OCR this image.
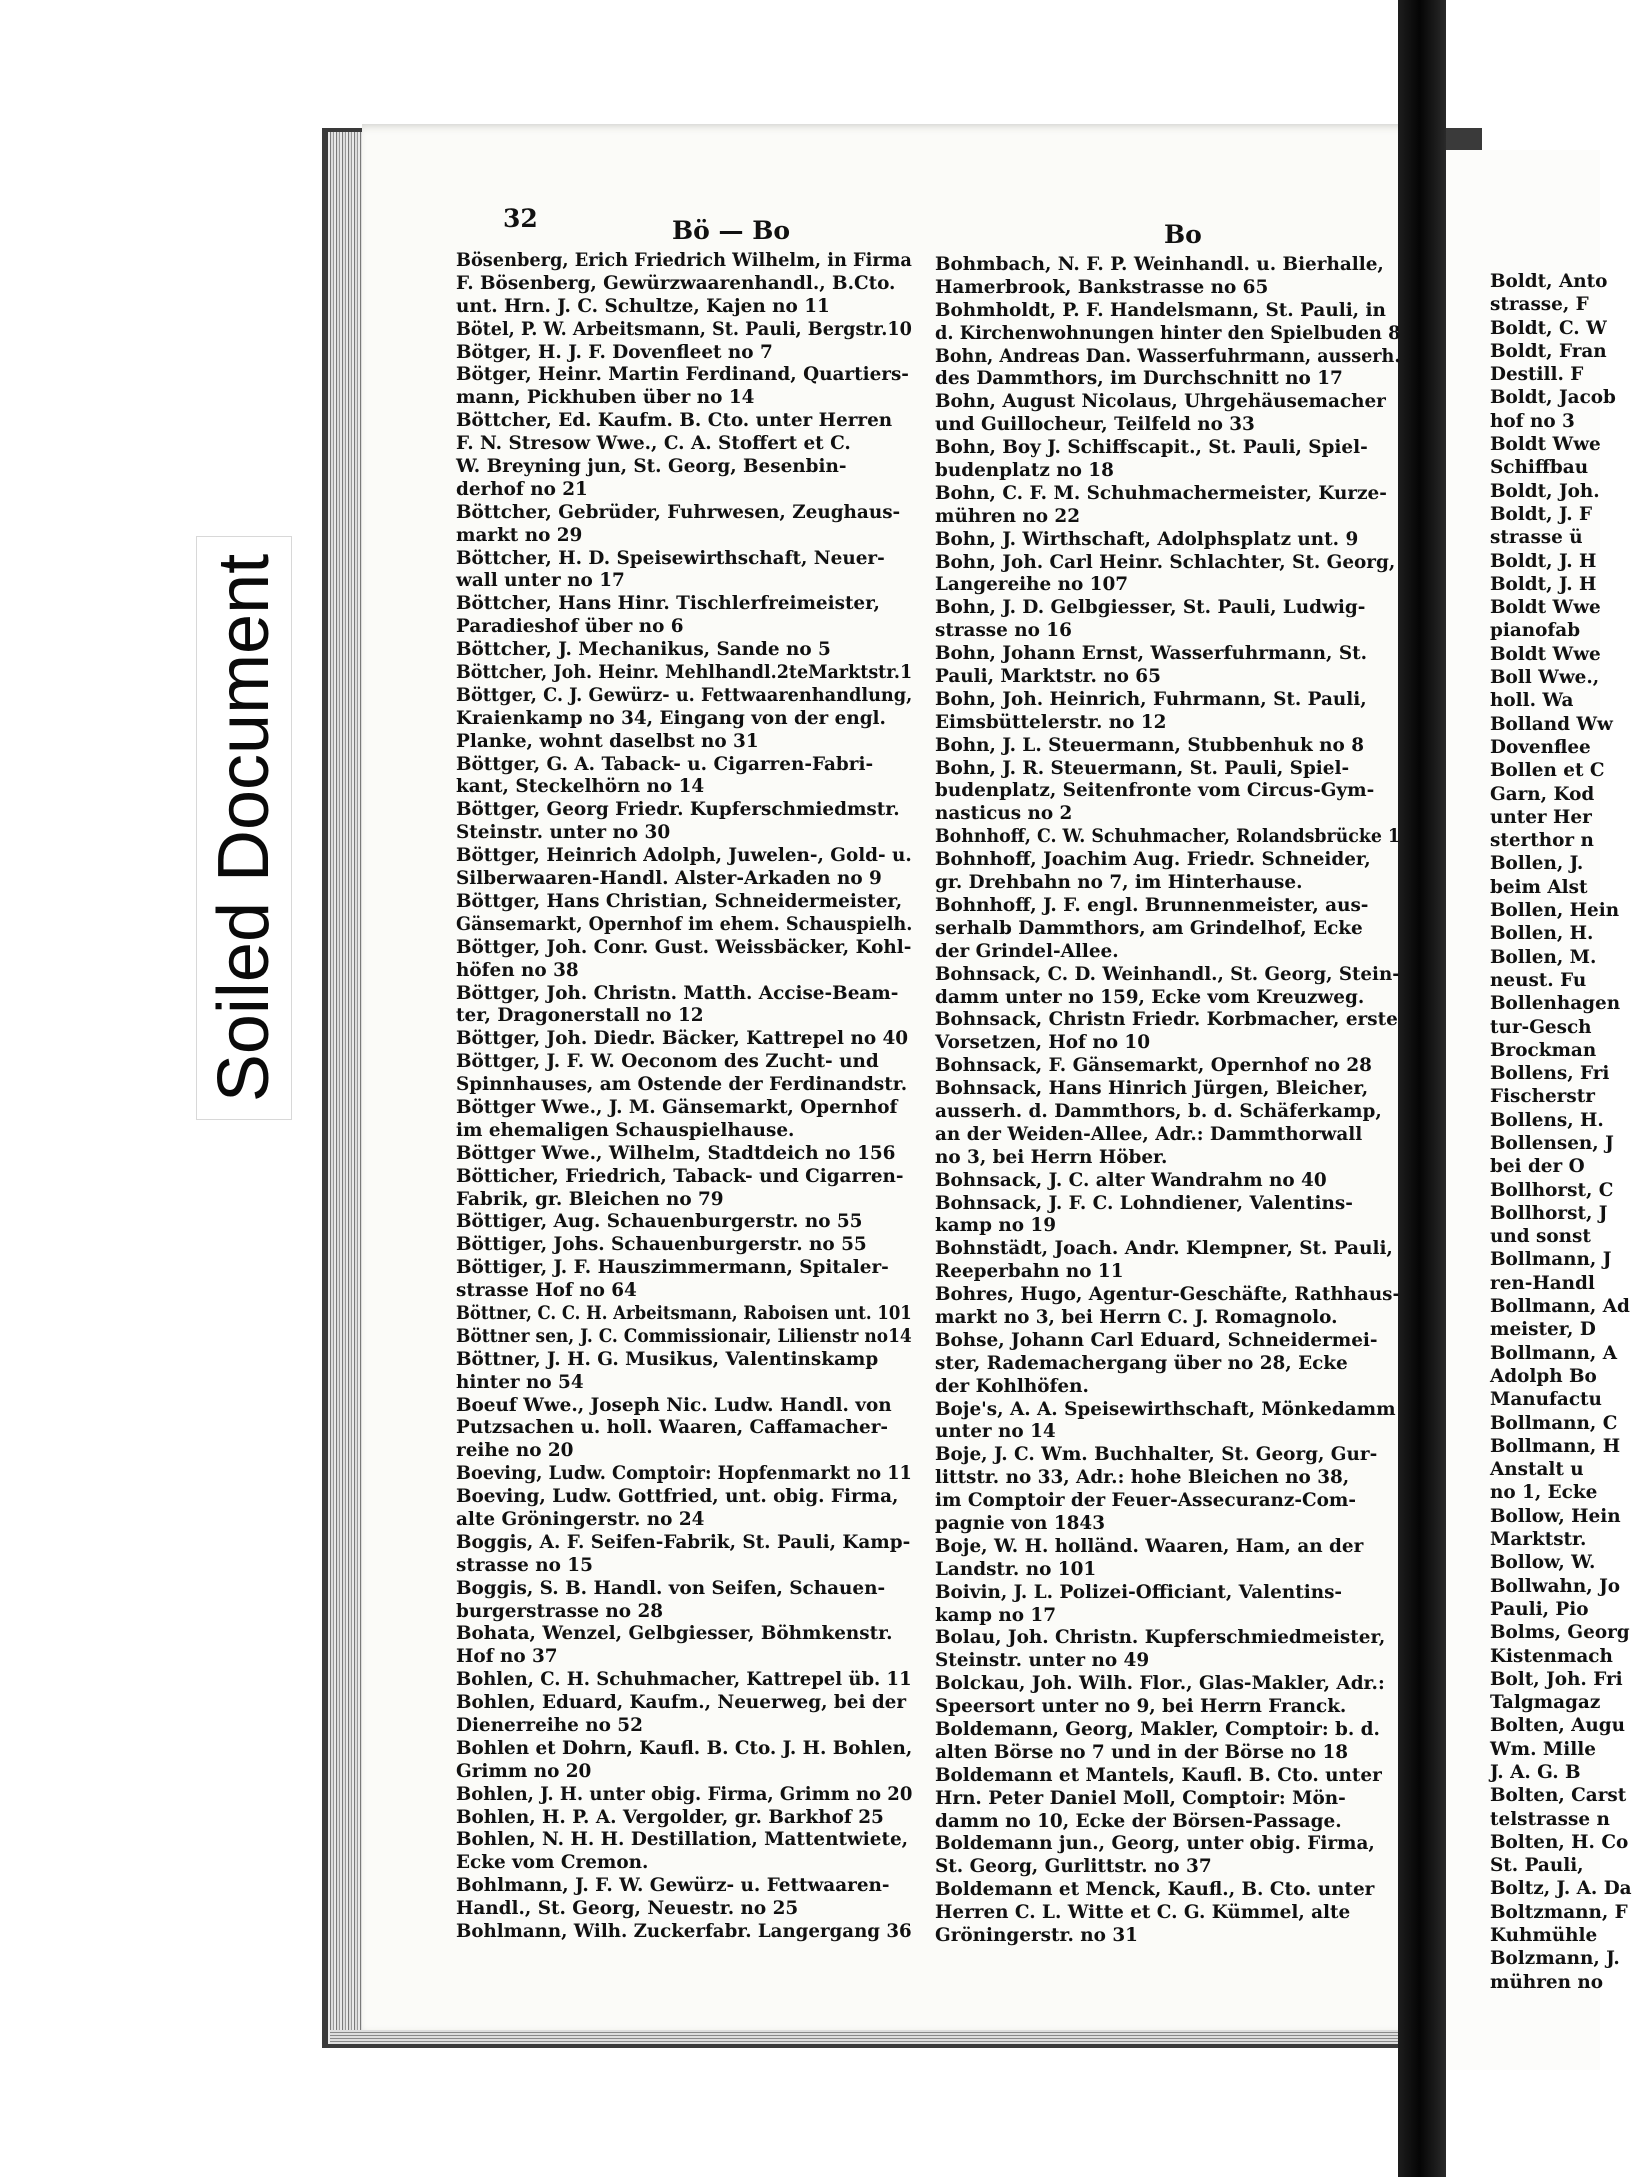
Soiled Document
32	Bö — Bo	Bo
Bösenberg, Erich Friedrich Wilhelm, in Firma
F. Bösenberg, Gewürzwaarenhandl., B.Cto.
unt. Hrn. J. C. Schultze, Kajen no 11
Bötel, P. W. Arbeitsmann, St. Pauli, Bergstr.10
Bötger, H. J. F. Dovenfleet no 7
Bötger, Heinr. Martin Ferdinand, Quartiers-
mann, Pickhuben über no 14
Böttcher, Ed. Kaufm. B. Cto. unter Herren
F. N. Stresow Wwe., C. A. Stoffert et C.
W. Breyning jun, St. Georg, Besenbin-
derhof no 21
Böttcher, Gebrüder, Fuhrwesen, Zeughaus-
markt no 29
Böttcher, H. D. Speisewirthschaft, Neuer-
wall unter no 17
Böttcher, Hans Hinr. Tischlerfreimeister,
Paradieshof über no 6
Böttcher, J. Mechanikus, Sande no 5
Böttcher, Joh. Heinr. Mehlhandl.2teMarktstr.1
Böttger, C. J. Gewürz- u. Fettwaarenhandlung,
Kraienkamp no 34, Eingang von der engl.
Planke, wohnt daselbst no 31
Böttger, G. A. Taback- u. Cigarren-Fabri-
kant, Steckelhörn no 14
Böttger, Georg Friedr. Kupferschmiedmstr.
Steinstr. unter no 30
Böttger, Heinrich Adolph, Juwelen-, Gold- u.
Silberwaaren-Handl. Alster-Arkaden no 9
Böttger, Hans Christian, Schneidermeister,
Gänsemarkt, Opernhof im ehem. Schauspielh.
Böttger, Joh. Conr. Gust. Weissbäcker, Kohl-
höfen no 38
Böttger, Joh. Christn. Matth. Accise-Beam-
ter, Dragonerstall no 12
Böttger, Joh. Diedr. Bäcker, Kattrepel no 40
Böttger, J. F. W. Oeconom des Zucht- und
Spinnhauses, am Ostende der Ferdinandstr.
Böttger Wwe., J. M. Gänsemarkt, Opernhof
im ehemaligen Schauspielhause.
Böttger Wwe., Wilhelm, Stadtdeich no 156
Bötticher, Friedrich, Taback- und Cigarren-
Fabrik, gr. Bleichen no 79
Böttiger, Aug. Schauenburgerstr. no 55
Böttiger, Johs. Schauenburgerstr. no 55
Böttiger, J. F. Hauszimmermann, Spitaler-
strasse Hof no 64
Böttner, C. C. H. Arbeitsmann, Raboisen unt. 101
Böttner sen, J. C. Commissionair, Lilienstr no14
Böttner, J. H. G. Musikus, Valentinskamp
hinter no 54
Boeuf Wwe., Joseph Nic. Ludw. Handl. von
Putzsachen u. holl. Waaren, Caffamacher-
reihe no 20
Boeving, Ludw. Comptoir: Hopfenmarkt no 11
Boeving, Ludw. Gottfried, unt. obig. Firma,
alte Gröningerstr. no 24
Boggis, A. F. Seifen-Fabrik, St. Pauli, Kamp-
strasse no 15
Boggis, S. B. Handl. von Seifen, Schauen-
burgerstrasse no 28
Bohata, Wenzel, Gelbgiesser, Böhmkenstr.
Hof no 37
Bohlen, C. H. Schuhmacher, Kattrepel üb. 11
Bohlen, Eduard, Kaufm., Neuerweg, bei der
Dienerreihe no 52
Bohlen et Dohrn, Kaufl. B. Cto. J. H. Bohlen,
Grimm no 20
Bohlen, J. H. unter obig. Firma, Grimm no 20
Bohlen, H. P. A. Vergolder, gr. Barkhof 25
Bohlen, N. H. H. Destillation, Mattentwiete,
Ecke vom Cremon.
Bohlmann, J. F. W. Gewürz- u. Fettwaaren-
Handl., St. Georg, Neuestr. no 25
Bohlmann, Wilh. Zuckerfabr. Langergang 36
Bohmbach, N. F. P. Weinhandl. u. Bierhalle,
Hamerbrook, Bankstrasse no 65
Bohmholdt, P. F. Handelsmann, St. Pauli, in
d. Kirchenwohnungen hinter den Spielbuden 8
Bohn, Andreas Dan. Wasserfuhrmann, ausserh.
des Dammthors, im Durchschnitt no 17
Bohn, August Nicolaus, Uhrgehäusemacher
und Guillocheur, Teilfeld no 33
Bohn, Boy J. Schiffscapit., St. Pauli, Spiel-
budenplatz no 18
Bohn, C. F. M. Schuhmachermeister, Kurze-
mühren no 22
Bohn, J. Wirthschaft, Adolphsplatz unt. 9
Bohn, Joh. Carl Heinr. Schlachter, St. Georg,
Langereihe no 107
Bohn, J. D. Gelbgiesser, St. Pauli, Ludwig-
strasse no 16
Bohn, Johann Ernst, Wasserfuhrmann, St.
Pauli, Marktstr. no 65
Bohn, Joh. Heinrich, Fuhrmann, St. Pauli,
Eimsbüttelerstr. no 12
Bohn, J. L. Steuermann, Stubbenhuk no 8
Bohn, J. R. Steuermann, St. Pauli, Spiel-
budenplatz, Seitenfronte vom Circus-Gym-
nasticus no 2
Bohnhoff, C. W. Schuhmacher, Rolandsbrücke 1
Bohnhoff, Joachim Aug. Friedr. Schneider,
gr. Drehbahn no 7, im Hinterhause.
Bohnhoff, J. F. engl. Brunnenmeister, aus-
serhalb Dammthors, am Grindelhof, Ecke
der Grindel-Allee.
Bohnsack, C. D. Weinhandl., St. Georg, Stein-
damm unter no 159, Ecke vom Kreuzweg.
Bohnsack, Christn Friedr. Korbmacher, erste
Vorsetzen, Hof no 10
Bohnsack, F. Gänsemarkt, Opernhof no 28
Bohnsack, Hans Hinrich Jürgen, Bleicher,
ausserh. d. Dammthors, b. d. Schäferkamp,
an der Weiden-Allee, Adr.: Dammthorwall
no 3, bei Herrn Höber.
Bohnsack, J. C. alter Wandrahm no 40
Bohnsack, J. F. C. Lohndiener, Valentins-
kamp no 19
Bohnstädt, Joach. Andr. Klempner, St. Pauli,
Reeperbahn no 11
Bohres, Hugo, Agentur-Geschäfte, Rathhaus-
markt no 3, bei Herrn C. J. Romagnolo.
Bohse, Johann Carl Eduard, Schneidermei-
ster, Rademachergang über no 28, Ecke
der Kohlhöfen.
Boje's, A. A. Speisewirthschaft, Mönkedamm
unter no 14
Boje, J. C. Wm. Buchhalter, St. Georg, Gur-
littstr. no 33, Adr.: hohe Bleichen no 38,
im Comptoir der Feuer-Assecuranz-Com-
pagnie von 1843
Boje, W. H. holländ. Waaren, Ham, an der
Landstr. no 101
Boivin, J. L. Polizei-Officiant, Valentins-
kamp no 17
Bolau, Joh. Christn. Kupferschmiedmeister,
Steinstr. unter no 49
Bolckau, Joh. Wilh. Flor., Glas-Makler, Adr.:
Speersort unter no 9, bei Herrn Franck.
Boldemann, Georg, Makler, Comptoir: b. d.
alten Börse no 7 und in der Börse no 18
Boldemann et Mantels, Kaufl. B. Cto. unter
Hrn. Peter Daniel Moll, Comptoir: Mön-
damm no 10, Ecke der Börsen-Passage.
Boldemann jun., Georg, unter obig. Firma,
St. Georg, Gurlittstr. no 37
Boldemann et Menck, Kaufl., B. Cto. unter
Herren C. L. Witte et C. G. Kümmel, alte
Gröningerstr. no 31
Boldt, Anto
strasse, F
Boldt, C. W
Boldt, Fran
Destill. F
Boldt, Jacob
hof no 3
Boldt Wwe
Schiffbau
Boldt, Joh.
Boldt, J. F
strasse ü
Boldt, J. H
Boldt, J. H
Boldt Wwe
pianofab
Boldt Wwe
Boll Wwe.,
holl. Wa
Bolland Ww
Dovenflee
Bollen et C
Garn, Kod
unter Her
sterthor n
Bollen, J.
beim Alst
Bollen, Hein
Bollen, H.
Bollen, M.
neust. Fu
Bollenhagen
tur-Gesch
Brockman
Bollens, Fri
Fischerstr
Bollens, H.
Bollensen, J
bei der O
Bollhorst, C
Bollhorst, J
und sonst
Bollmann, J
ren-Handl
Bollmann, Ad
meister, D
Bollmann, A
Adolph Bo
Manufactu
Bollmann, C
Bollmann, H
Anstalt u
no 1, Ecke
Bollow, Hein
Marktstr.
Bollow, W.
Bollwahn, Jo
Pauli, Pio
Bolms, Georg
Kistenmach
Bolt, Joh. Fri
Talgmagaz
Bolten, Augu
Wm. Mille
J. A. G. B
Bolten, Carst
telstrasse n
Bolten, H. Co
St. Pauli,
Boltz, J. A. Da
Boltzmann, F
Kuhmühle
Bolzmann, J.
mühren no
